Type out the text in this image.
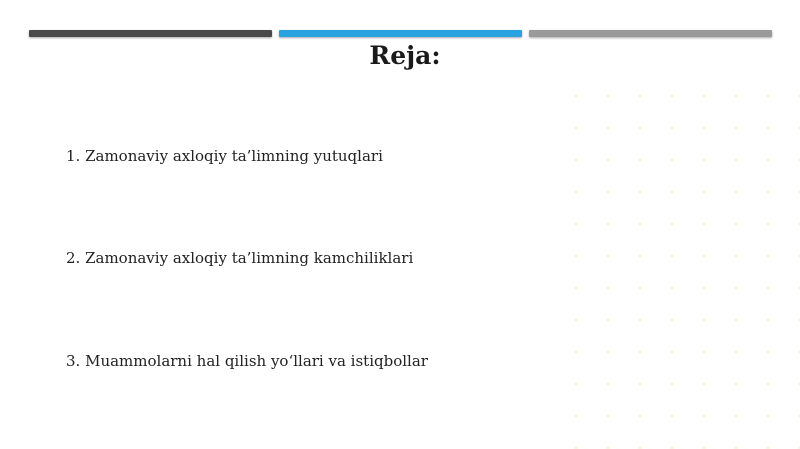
Reja:

1. Zamonaviy axloqiy ta’limning yutuqlari

2. Zamonaviy axloqiy ta’limning kamchiliklari

3. Muammolarni hal qilish yo‘llari va istiqbollar
